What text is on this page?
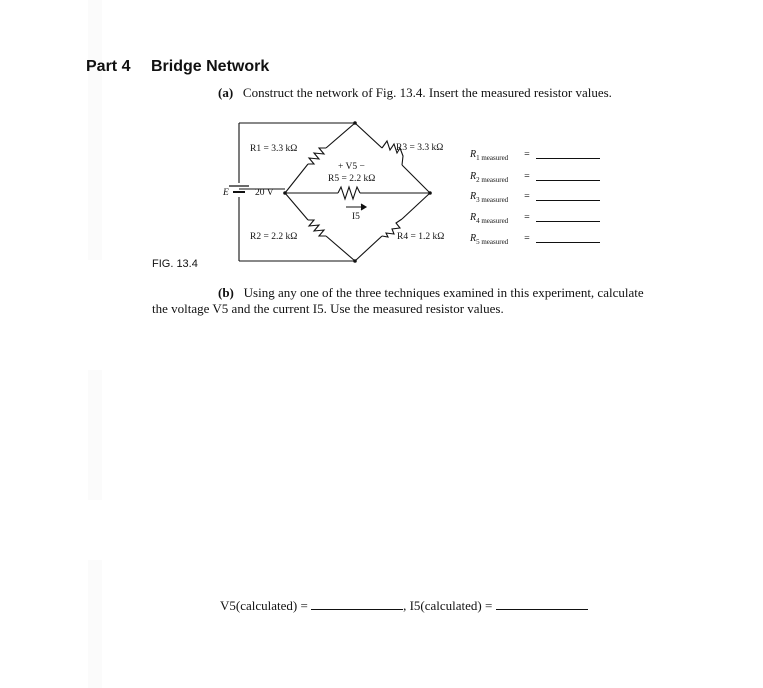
Part 4 Bridge Network
(a) Construct the network of Fig. 13.4. Insert the measured resistor values.
R1 = 3.3 kΩ	R3 = 3.3 kΩ
+ V5 −
R5 = 2.2 kΩ
I5
E	20 V
R2 = 2.2 kΩ	R4 = 1.2 kΩ
$R_{1 measured}$	=
$R_{2 measured}$	=
$R_{3 measured}$	=
$R_{4 measured}$	=
$R_{5 measured}$	=
FIG. 13.4
(b) Using any one of the three techniques examined in this experiment, calculate
the voltage V5 and the current I5. Use the measured resistor values.
V5(calculated) =	, I5(calculated) =
